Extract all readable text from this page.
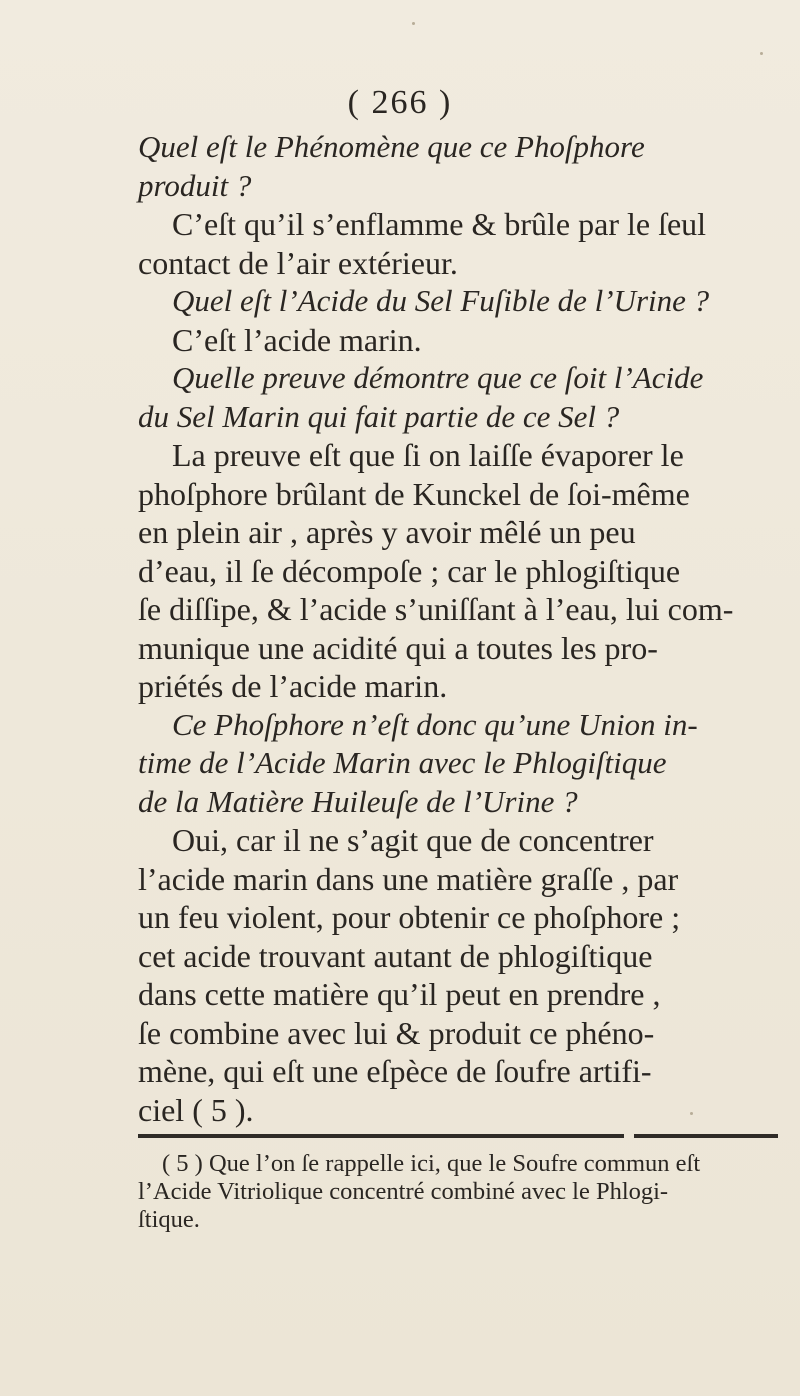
( 266 )
Quel eſt le Phénomène que ce Phoſphore
produit ?
C’eſt qu’il s’enflamme & brûle par le ſeul
contact de l’air extérieur.
Quel eſt l’Acide du Sel Fuſible de l’Urine ?
C’eſt l’acide marin.
Quelle preuve démontre que ce ſoit l’Acide
du Sel Marin qui fait partie de ce Sel ?
La preuve eſt que ſi on laiſſe évaporer le
phoſphore brûlant de Kunckel de ſoi-même
en plein air , après y avoir mêlé un peu
d’eau, il ſe décompoſe ; car le phlogiſtique
ſe diſſipe, & l’acide s’uniſſant à l’eau, lui com-
munique une acidité qui a toutes les pro-
priétés de l’acide marin.
Ce Phoſphore n’eſt donc qu’une Union in-
time de l’Acide Marin avec le Phlogiſtique
de la Matière Huileuſe de l’Urine ?
Oui, car il ne s’agit que de concentrer
l’acide marin dans une matière graſſe , par
un feu violent, pour obtenir ce phoſphore ;
cet acide trouvant autant de phlogiſtique
dans cette matière qu’il peut en prendre ,
ſe combine avec lui & produit ce phéno-
mène, qui eſt une eſpèce de ſoufre artifi-
ciel ( 5 ).
( 5 ) Que l’on ſe rappelle ici, que le Soufre commun eſt
l’Acide Vitriolique concentré combiné avec le Phlogi-
ſtique.
